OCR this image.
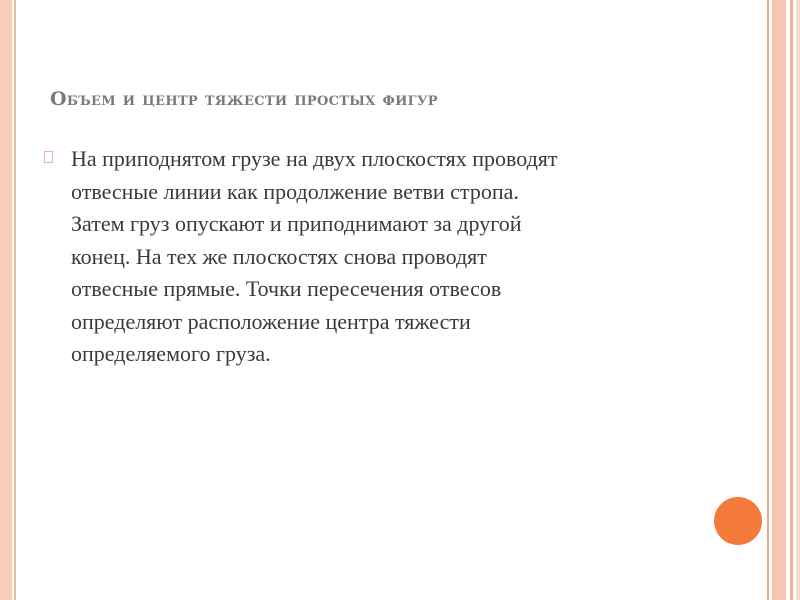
Объем и центр тяжести простых фигур

На приподнятом грузе на двух плоскостях проводят
отвесные линии как продолжение ветви стропа.
Затем груз опускают и приподнимают за другой
конец. На тех же плоскостях снова проводят
отвесные прямые. Точки пересечения отвесов
определяют расположение центра тяжести
определяемого груза.
